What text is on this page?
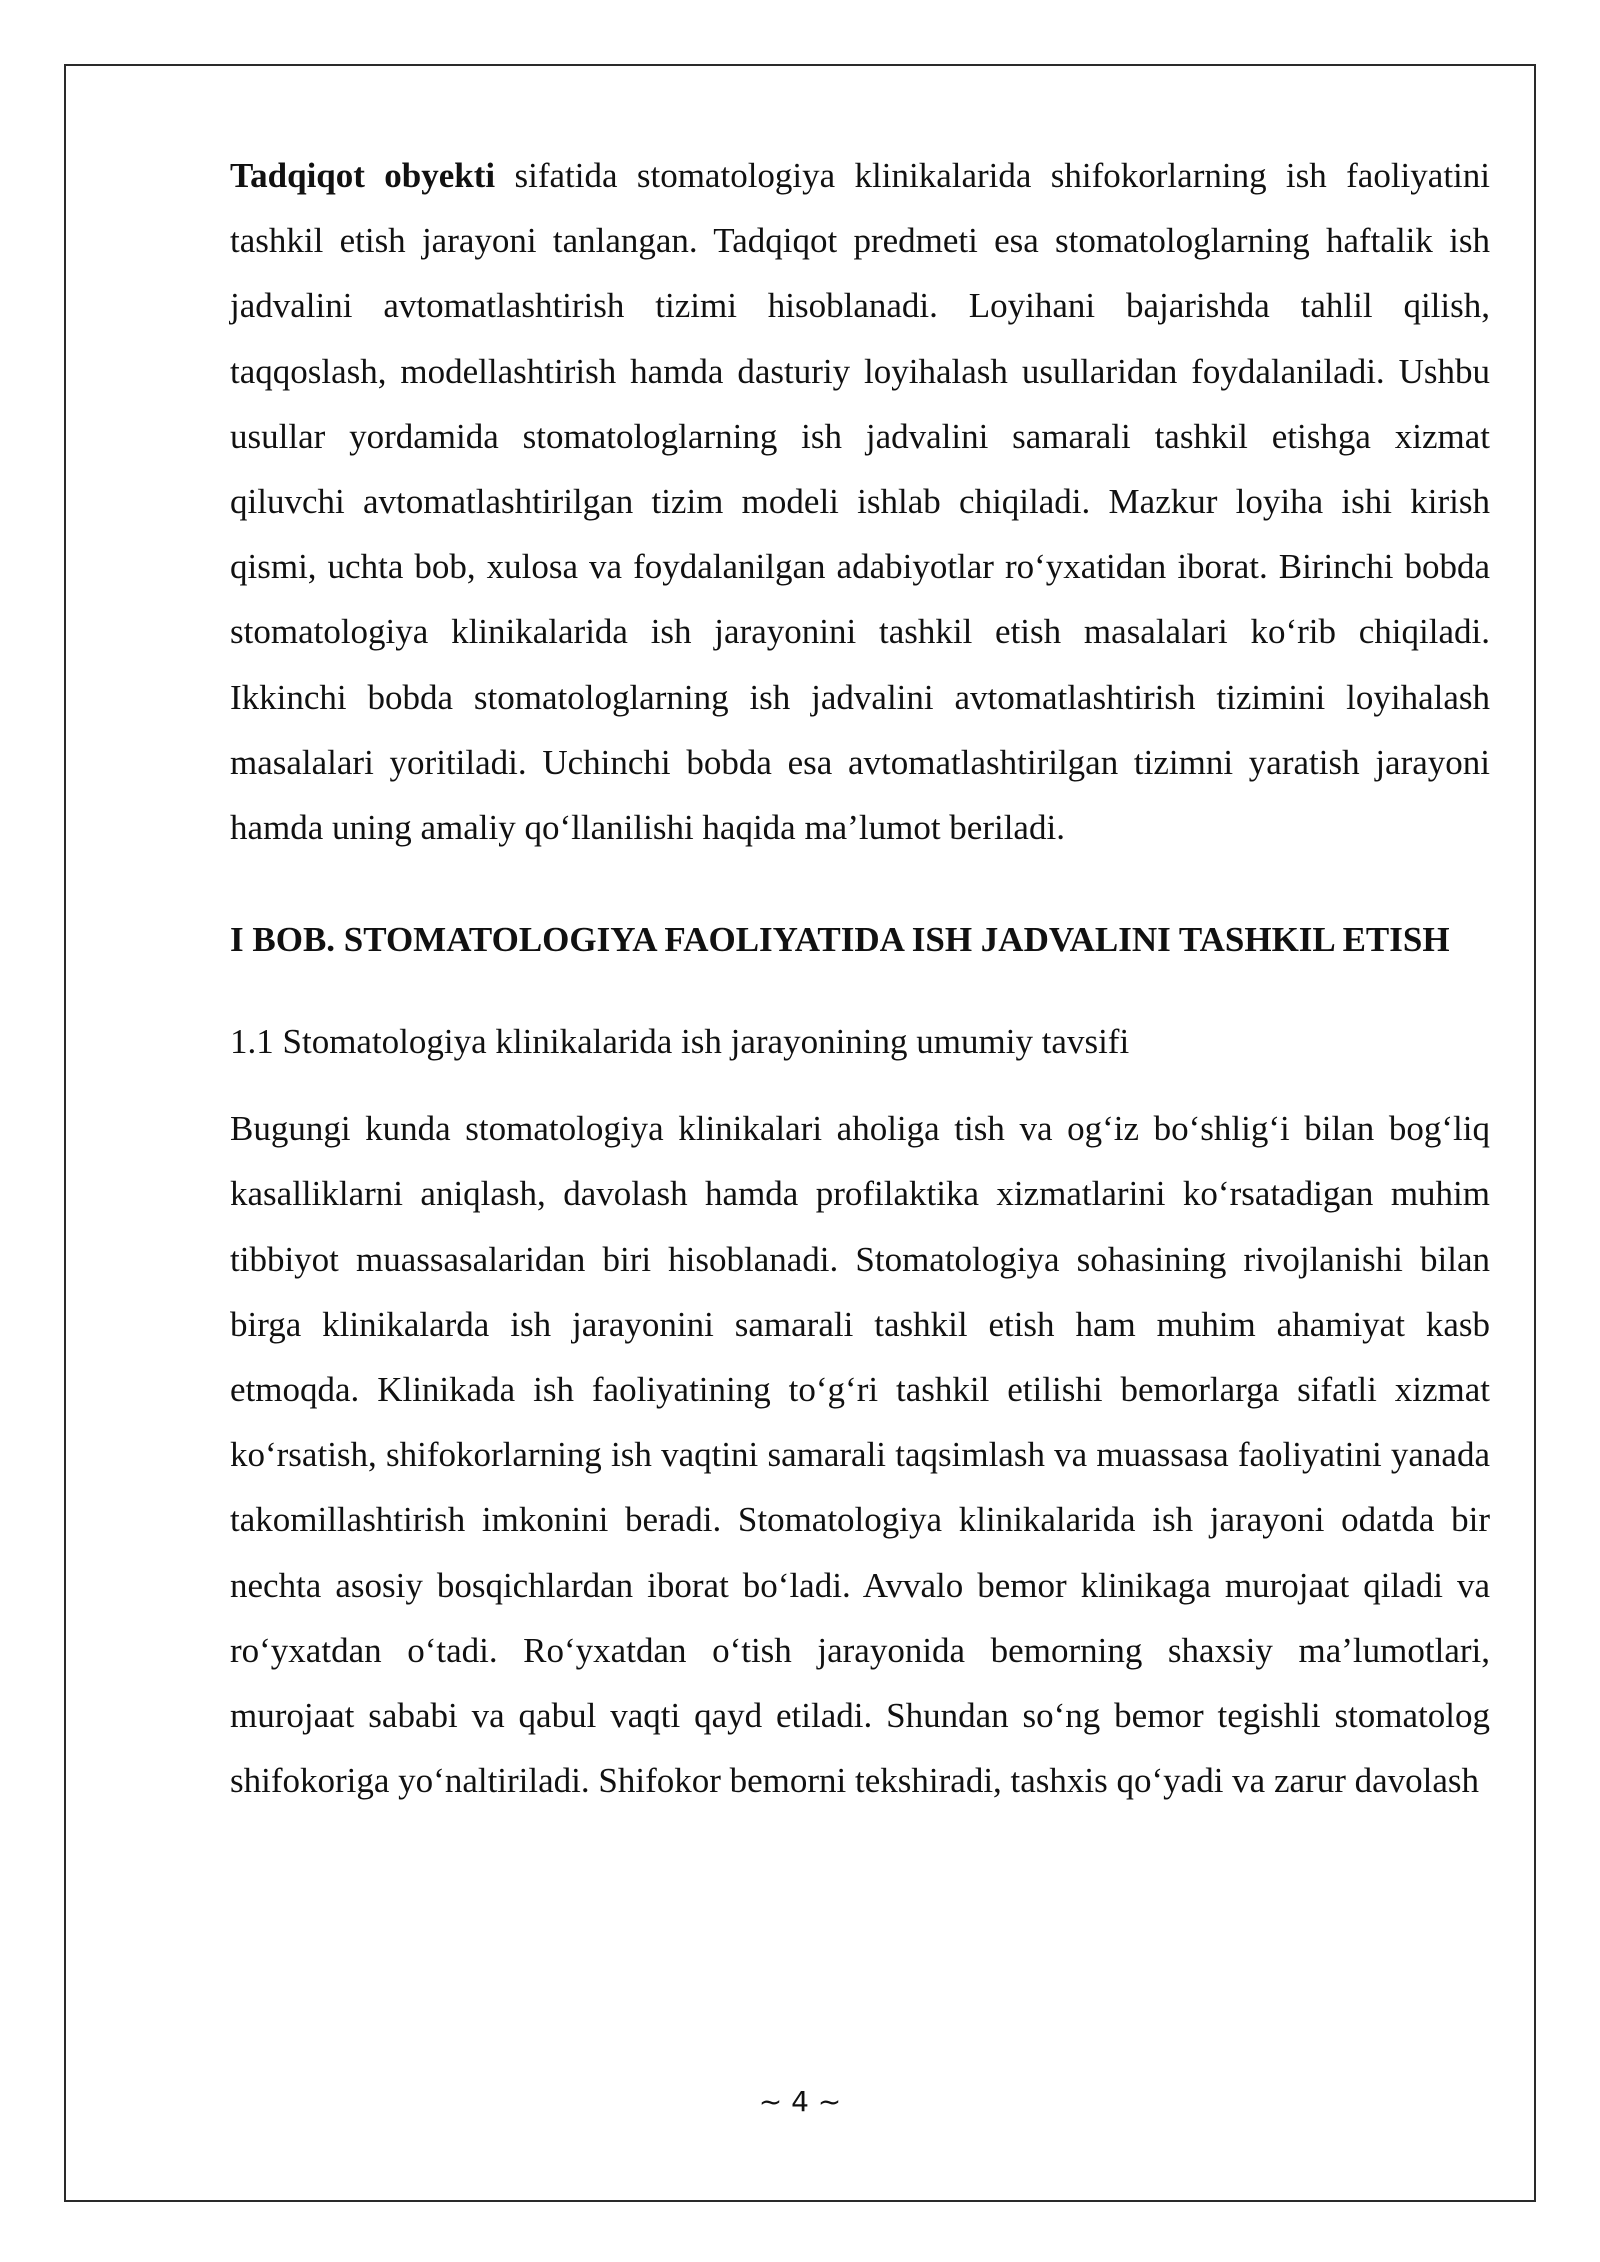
Tadqiqot obyekti sifatida stomatologiya klinikalarida shifokorlarning ish faoliyatini tashkil etish jarayoni tanlangan. Tadqiqot predmeti esa stomatologlarning haftalik ish jadvalini avtomatlashtirish tizimi hisoblanadi. Loyihani bajarishda tahlil qilish, taqqoslash, modellashtirish hamda dasturiy loyihalash usullaridan foydalaniladi. Ushbu usullar yordamida stomatologlarning ish jadvalini samarali tashkil etishga xizmat qiluvchi avtomatlashtirilgan tizim modeli ishlab chiqiladi. Mazkur loyiha ishi kirish qismi, uchta bob, xulosa va foydalanilgan adabiyotlar ro‘yxatidan iborat. Birinchi bobda stomatologiya klinikalarida ish jarayonini tashkil etish masalalari ko‘rib chiqiladi. Ikkinchi bobda stomatologlarning ish jadvalini avtomatlashtirish tizimini loyihalash masalalari yoritiladi. Uchinchi bobda esa avtomatlashtirilgan tizimni yaratish jarayoni hamda uning amaliy qo‘llanilishi haqida ma’lumot beriladi.

I BOB. STOMATOLOGIYA FAOLIYATIDA ISH JADVALINI TASHKIL ETISH
1.1 Stomatologiya klinikalarida ish jarayonining umumiy tavsifi

Bugungi kunda stomatologiya klinikalari aholiga tish va og‘iz bo‘shlig‘i bilan bog‘liq kasalliklarni aniqlash, davolash hamda profilaktika xizmatlarini ko‘rsatadigan muhim tibbiyot muassasalaridan biri hisoblanadi. Stomatologiya sohasining rivojlanishi bilan birga klinikalarda ish jarayonini samarali tashkil etish ham muhim ahamiyat kasb etmoqda. Klinikada ish faoliyatining to‘g‘ri tashkil etilishi bemorlarga sifatli xizmat ko‘rsatish, shifokorlarning ish vaqtini samarali taqsimlash va muassasa faoliyatini yanada takomillashtirish imkonini beradi. Stomatologiya klinikalarida ish jarayoni odatda bir nechta asosiy bosqichlardan iborat bo‘ladi. Avvalo bemor klinikaga murojaat qiladi va ro‘yxatdan o‘tadi. Ro‘yxatdan o‘tish jarayonida bemorning shaxsiy ma’lumotlari, murojaat sababi va qabul vaqti qayd etiladi. Shundan so‘ng bemor tegishli stomatolog shifokoriga yo‘naltiriladi. Shifokor bemorni tekshiradi, tashxis qo‘yadi va zarur davolash

~ 4 ~
